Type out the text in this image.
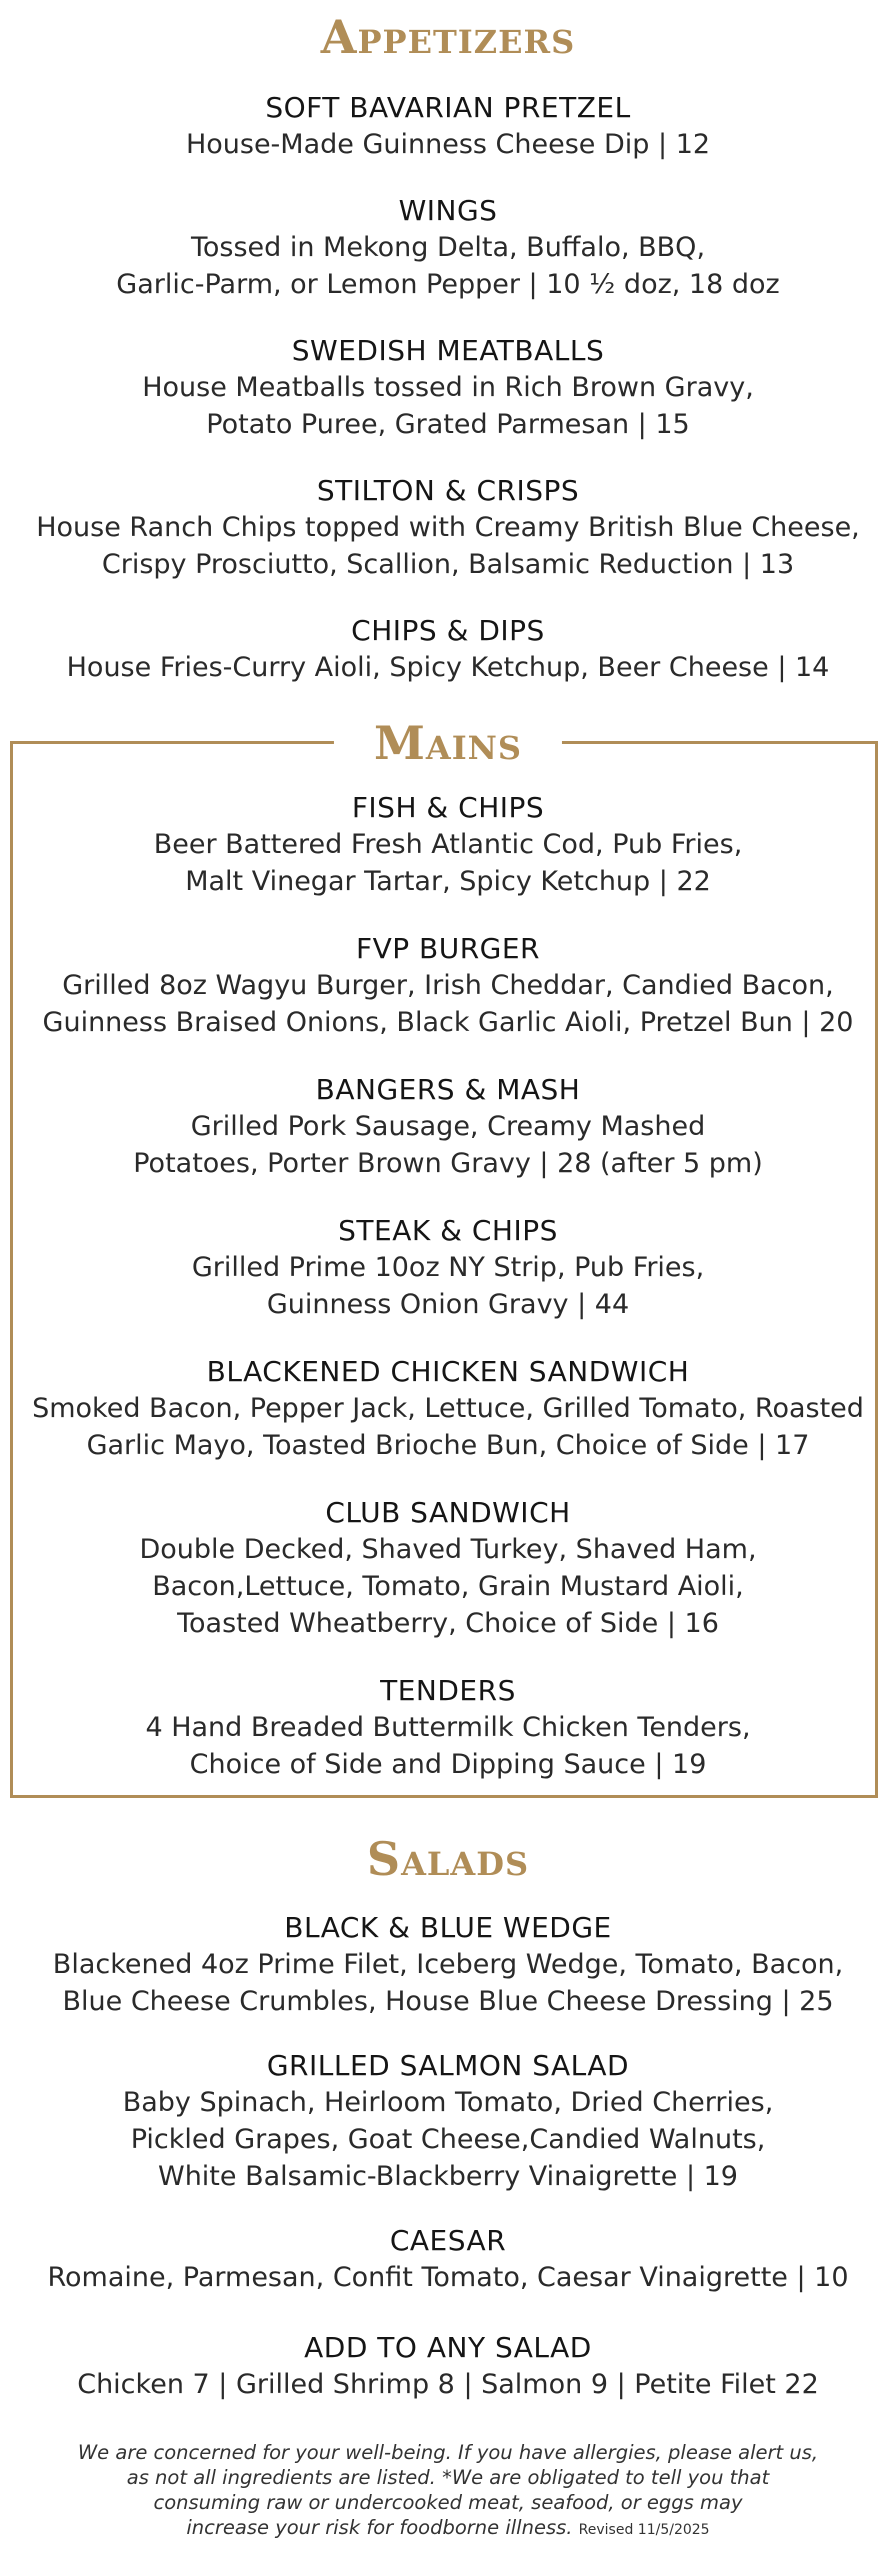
Appetizers
SOFT BAVARIAN PRETZEL
House-Made Guinness Cheese Dip | 12
WINGS
Tossed in Mekong Delta, Buffalo, BBQ,
Garlic-Parm, or Lemon Pepper | 10 ½ doz, 18 doz
SWEDISH MEATBALLS
House Meatballs tossed in Rich Brown Gravy,
Potato Puree, Grated Parmesan | 15
STILTON & CRISPS
House Ranch Chips topped with Creamy British Blue Cheese,
Crispy Prosciutto, Scallion, Balsamic Reduction | 13
CHIPS & DIPS
House Fries-Curry Aioli, Spicy Ketchup, Beer Cheese | 14
Mains
FISH & CHIPS
Beer Battered Fresh Atlantic Cod, Pub Fries,
Malt Vinegar Tartar, Spicy Ketchup | 22
FVP BURGER
Grilled 8oz Wagyu Burger, Irish Cheddar, Candied Bacon,
Guinness Braised Onions, Black Garlic Aioli, Pretzel Bun | 20
BANGERS & MASH
Grilled Pork Sausage, Creamy Mashed
Potatoes, Porter Brown Gravy | 28 (after 5 pm)
STEAK & CHIPS
Grilled Prime 10oz NY Strip, Pub Fries,
Guinness Onion Gravy | 44
BLACKENED CHICKEN SANDWICH
Smoked Bacon, Pepper Jack, Lettuce, Grilled Tomato, Roasted
Garlic Mayo, Toasted Brioche Bun, Choice of Side | 17
CLUB SANDWICH
Double Decked, Shaved Turkey, Shaved Ham,
Bacon,Lettuce, Tomato, Grain Mustard Aioli,
Toasted Wheatberry, Choice of Side | 16
TENDERS
4 Hand Breaded Buttermilk Chicken Tenders,
Choice of Side and Dipping Sauce | 19
Salads
BLACK & BLUE WEDGE
Blackened 4oz Prime Filet, Iceberg Wedge, Tomato, Bacon,
Blue Cheese Crumbles, House Blue Cheese Dressing | 25
GRILLED SALMON SALAD
Baby Spinach, Heirloom Tomato, Dried Cherries,
Pickled Grapes, Goat Cheese,Candied Walnuts,
White Balsamic-Blackberry Vinaigrette | 19
CAESAR
Romaine, Parmesan, Confit Tomato, Caesar Vinaigrette | 10
ADD TO ANY SALAD
Chicken 7 | Grilled Shrimp 8 | Salmon 9 | Petite Filet 22
We are concerned for your well-being. If you have allergies, please alert us,
as not all ingredients are listed. *We are obligated to tell you that
consuming raw or undercooked meat, seafood, or eggs may
increase your risk for foodborne illness. Revised 11/5/2025
